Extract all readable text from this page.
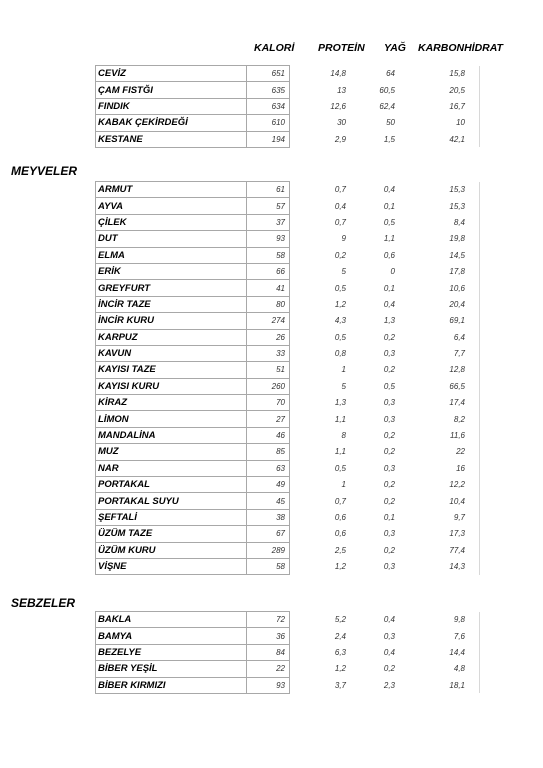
KALORİ PROTEİN YAĞ KARBONHİDRAT
CEVİZ	651	14,8	64	15,8	
ÇAM FISTĞI	635	13	60,5	20,5	
FINDIK	634	12,6	62,4	16,7	
KABAK ÇEKİRDEĞİ	610	30	50	10	
KESTANE	194	2,9	1,5	42,1	
MEYVELER
ARMUT	61	0,7	0,4	15,3	
AYVA	57	0,4	0,1	15,3	
ÇİLEK	37	0,7	0,5	8,4	
DUT	93	9	1,1	19,8	
ELMA	58	0,2	0,6	14,5	
ERİK	66	5	0	17,8	
GREYFURT	41	0,5	0,1	10,6	
İNCİR TAZE	80	1,2	0,4	20,4	
İNCİR KURU	274	4,3	1,3	69,1	
KARPUZ	26	0,5	0,2	6,4	
KAVUN	33	0,8	0,3	7,7	
KAYISI TAZE	51	1	0,2	12,8	
KAYISI KURU	260	5	0,5	66,5	
KİRAZ	70	1,3	0,3	17,4	
LİMON	27	1,1	0,3	8,2	
MANDALİNA	46	8	0,2	11,6	
MUZ	85	1,1	0,2	22	
NAR	63	0,5	0,3	16	
PORTAKAL	49	1	0,2	12,2	
PORTAKAL SUYU	45	0,7	0,2	10,4	
ŞEFTALİ	38	0,6	0,1	9,7	
ÜZÜM TAZE	67	0,6	0,3	17,3	
ÜZÜM KURU	289	2,5	0,2	77,4	
VİŞNE	58	1,2	0,3	14,3	
SEBZELER
BAKLA	72	5,2	0,4	9,8	
BAMYA	36	2,4	0,3	7,6	
BEZELYE	84	6,3	0,4	14,4	
BİBER YEŞİL	22	1,2	0,2	4,8	
BİBER KIRMIZI	93	3,7	2,3	18,1	
